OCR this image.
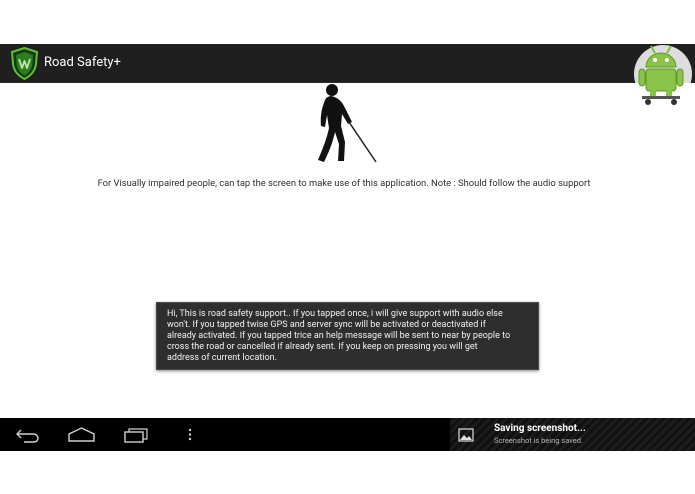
Road Safety+
For Visually impaired people, can tap the screen to make use of this application. Note : Should follow the audio support

Hi, This is road safety support.. If you tapped once, i will give support with audio else

won't. If you tapped twise GPS and server sync will be activated or deactivated if

already activated. If you tapped trice an help message will be sent to near by people to

cross the road or cancelled if already sent. If you keep on pressing you will get

address of current location.

Saving screenshot...
Screenshot is being saved.
